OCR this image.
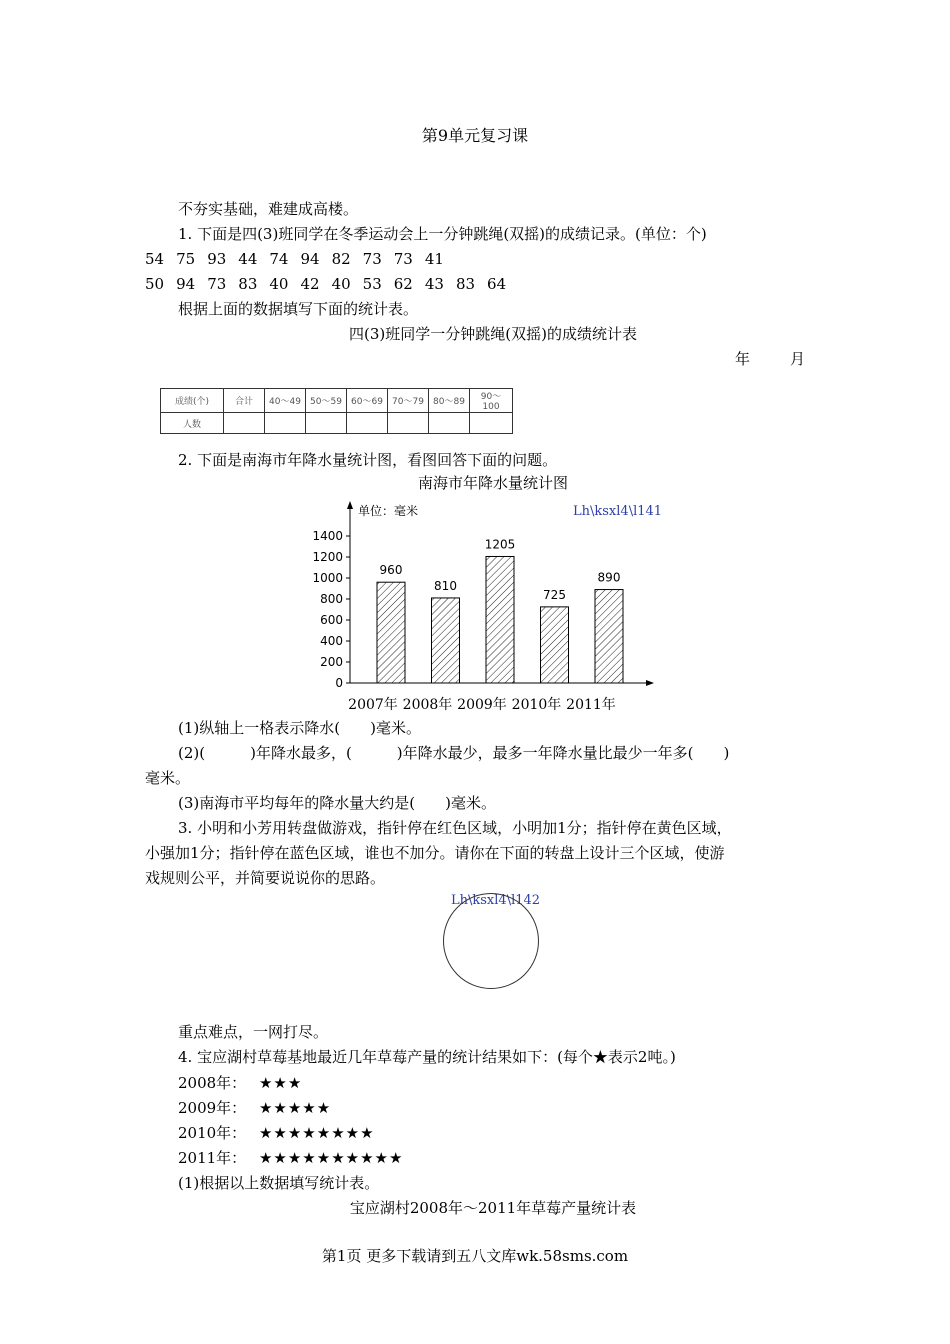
第9单元复习课
不夯实基础，难建成高楼。
1. 下面是四(3)班同学在冬季运动会上一分钟跳绳(双摇)的成绩记录。(单位：个)
54 75 93 44 74 94 82 73 73 41
50 94 73 83 40 42 40 53 62 43 83 64
根据上面的数据填写下面的统计表。
四(3)班同学一分钟跳绳(双摇)的成绩统计表
年	月
成绩(个)	合计	40～49	50～59	60～69	70～79	80～89	90～100
人数							
2. 下面是南海市年降水量统计图，看图回答下面的问题。
南海市年降水量统计图
单位：毫米	Lh\ksxl4\l141
0
200
400
600
800
1000
1200
1400
960
810
1205
725
890
2007年 2008年 2009年 2010年 2011年
(1)纵轴上一格表示降水(　　)毫米。
(2)(　　　)年降水最多，(　　　)年降水最少，最多一年降水量比最少一年多(　　)
毫米。
(3)南海市平均每年的降水量大约是(　　)毫米。
3. 小明和小芳用转盘做游戏，指针停在红色区域，小明加1分；指针停在黄色区域，
小强加1分；指针停在蓝色区域，谁也不加分。请你在下面的转盘上设计三个区域，使游
戏规则公平，并简要说说你的思路。
Lh\ksxl4\l142
重点难点，一网打尽。
4. 宝应湖村草莓基地最近几年草莓产量的统计结果如下：(每个★表示2吨。)
2008年： ★★★
2009年： ★★★★★
2010年： ★★★★★★★★
2011年： ★★★★★★★★★★
(1)根据以上数据填写统计表。
宝应湖村2008年～2011年草莓产量统计表
第1页 更多下载请到五八文库wk.58sms.com
